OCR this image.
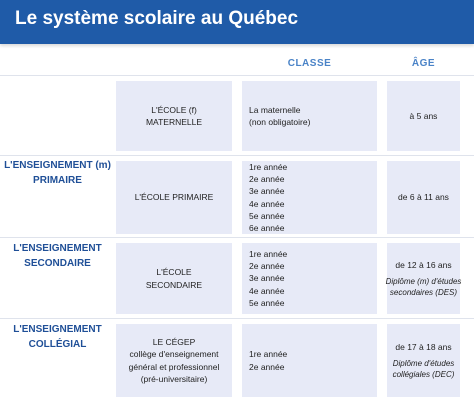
Le système scolaire au Québec
CLASSE	ÂGE
L'ÉCOLE (f)
MATERNELLE
La maternelle
(non obligatoire)
à 5 ans
L'ENSEIGNEMENT (m)
PRIMAIRE
L'ÉCOLE PRIMAIRE
1re année
2e année
3e année
4e année
5e année
6e année
de 6 à 11 ans
L'ENSEIGNEMENT
SECONDAIRE
L'ÉCOLE
SECONDAIRE
1re année
2e année
3e année
4e année
5e année
de 12 à 16 ans
Diplôme (m) d'études
secondaires (DES)
L'ENSEIGNEMENT
COLLÉGIAL	LE CÉGEP
collège d'enseignement
général et professionnel
(pré-universitaire)
1re année
2e année
de 17 à 18 ans
Diplôme d'études
collégiales (DEC)
